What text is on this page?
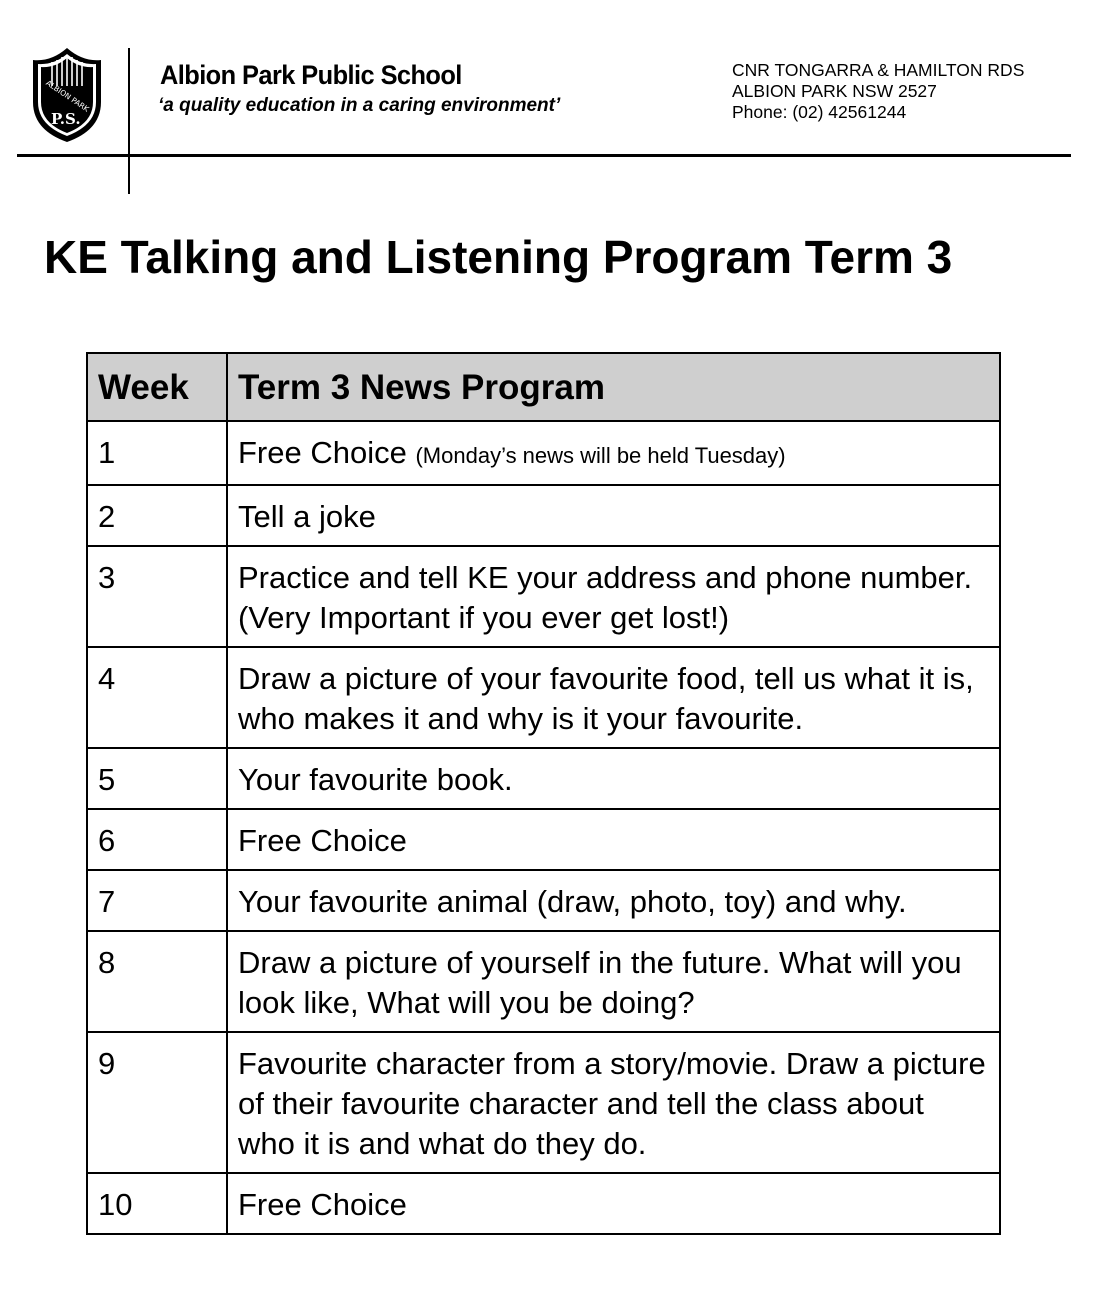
ALBION PARK
P.S.
Albion Park Public School
‘a quality education in a caring environment’
CNR TONGARRA & HAMILTON RDS
ALBION PARK NSW 2527
Phone: (02) 42561244
KE Talking and Listening Program Term 3
Week	Term 3 News Program
1	Free Choice (Monday’s news will be held Tuesday)
2	Tell a joke
3	Practice and tell KE your address and phone number. (Very Important if you ever get lost!)
4	Draw a picture of your favourite food, tell us what it is, who makes it and why is it your favourite.
5	Your favourite book.
6	Free Choice
7	Your favourite animal (draw, photo, toy) and why.
8	Draw a picture of yourself in the future. What will you look like, What will you be doing?
9	Favourite character from a story/movie. Draw a picture of their favourite character and tell the class about who it is and what do they do.
10	Free Choice
